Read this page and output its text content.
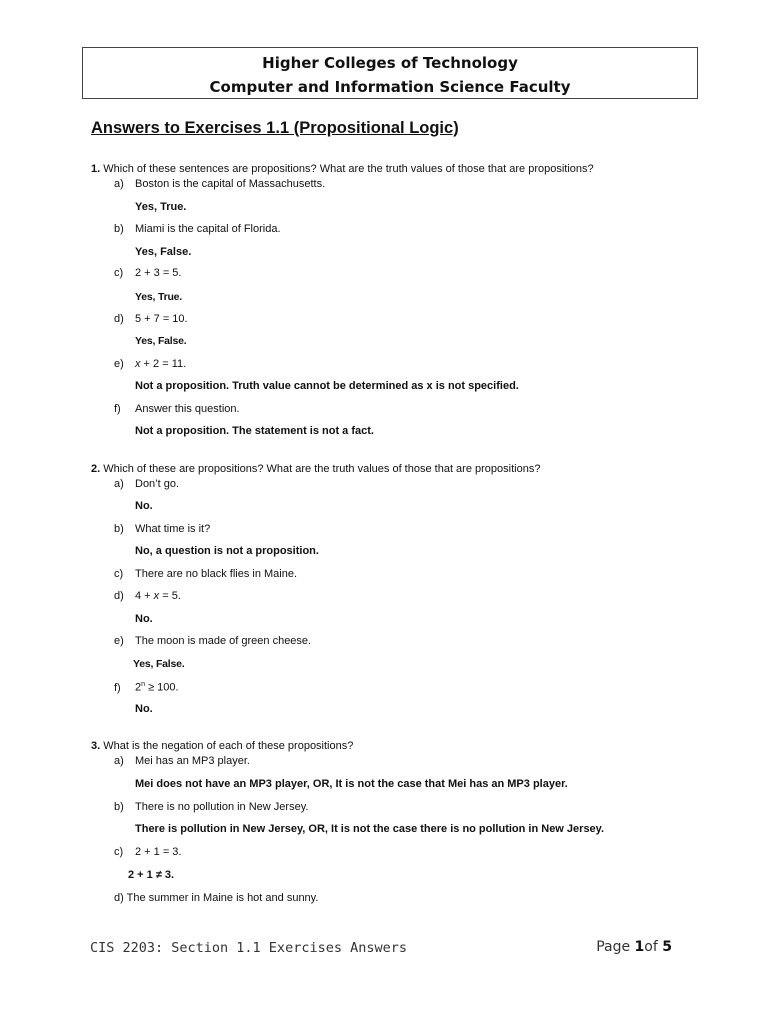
Higher Colleges of Technology
Computer and Information Science Faculty
Answers to Exercises 1.1 (Propositional Logic)
1. Which of these sentences are propositions? What are the truth values of those that are propositions?
a) Boston is the capital of Massachusetts.
Yes, True.
b) Miami is the capital of Florida.
Yes, False.
c) 2 + 3 = 5.
Yes, True.
d) 5 + 7 = 10.
Yes, False.
e) x + 2 = 11.
Not a proposition. Truth value cannot be determined as x is not specified.
f) Answer this question.
Not a proposition. The statement is not a fact.
2. Which of these are propositions? What are the truth values of those that are propositions?
a) Don’t go.
No.
b) What time is it?
No, a question is not a proposition.
c) There are no black flies in Maine.
d) 4 + x = 5.
No.
e) The moon is made of green cheese.
Yes, False.
f) $2^n \ge 100$.
No.
3. What is the negation of each of these propositions?
a) Mei has an MP3 player.
Mei does not have an MP3 player, OR, It is not the case that Mei has an MP3 player.
b) There is no pollution in New Jersey.
There is pollution in New Jersey, OR, It is not the case there is no pollution in New Jersey.
c) 2 + 1 = 3.
2 + 1 ≠ 3.
d) The summer in Maine is hot and sunny.
CIS 2203: Section 1.1 Exercises Answers	Page 1of 5
